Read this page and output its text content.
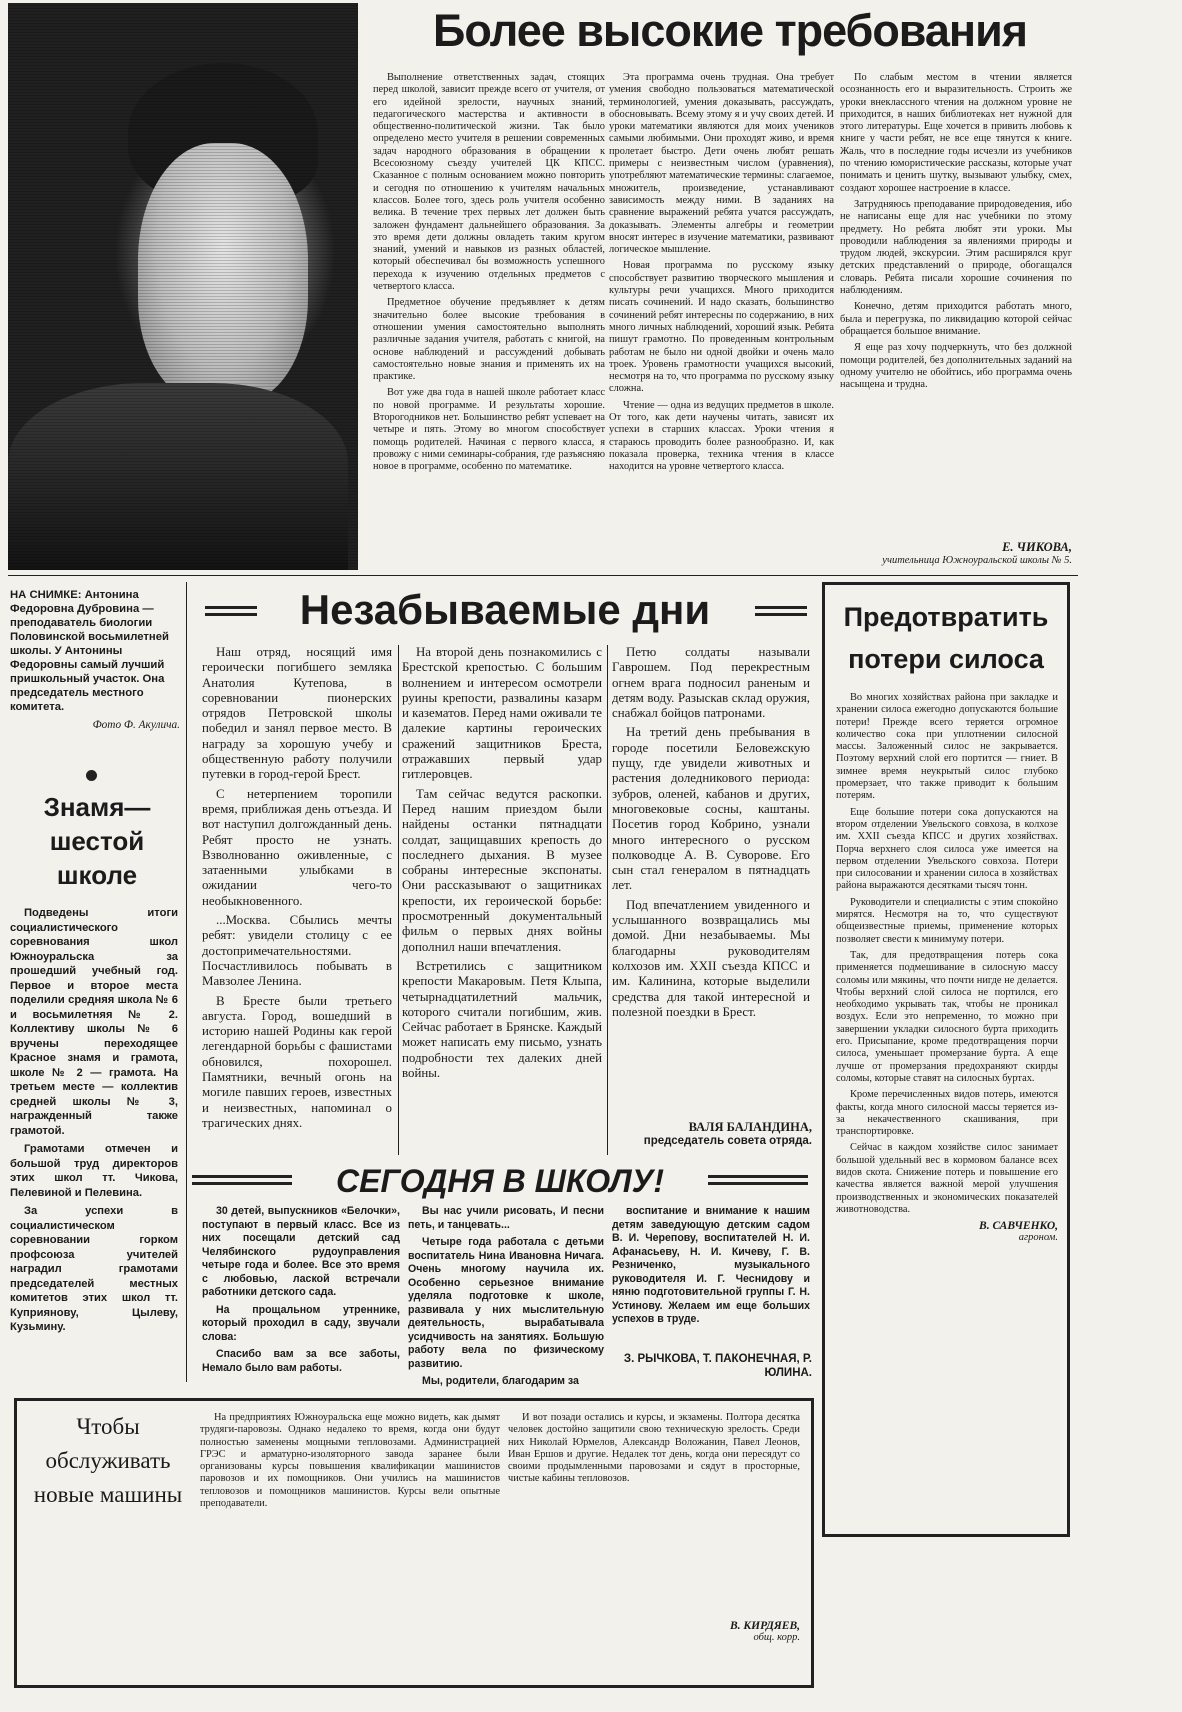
Более высокие требования

Выполнение ответственных задач, стоящих перед школой, зависит прежде всего от учителя, от его идейной зрелости, научных знаний, педагогического мастерства и активности в общественно-политической жизни. Так было определено место учителя в решении современных задач народного образования в обращении к Всесоюзному съезду учителей ЦК КПСС. Сказанное с полным основанием можно повторить и сегодня по отношению к учителям начальных классов. Более того, здесь роль учителя особенно велика. В течение трех первых лет должен быть заложен фундамент дальнейшего образования. За это время дети должны овладеть таким кругом знаний, умений и навыков из разных областей, который обеспечивал бы возможность успешного перехода к изучению отдельных предметов с четвертого класса.

Предметное обучение предъявляет к детям значительно более высокие требования в отношении умения самостоятельно выполнять различные задания учителя, работать с книгой, на основе наблюдений и рассуждений добывать самостоятельно новые знания и применять их на практике.

Вот уже два года в нашей школе работает класс по новой программе. И результаты хорошие. Второгодников нет. Большинство ребят успевает на четыре и пять. Этому во многом способствует помощь родителей. Начиная с первого класса, я провожу с ними семинары-собрания, где разъясняю новое в программе, особенно по математике.

Эта программа очень трудная. Она требует умения свободно пользоваться математической терминологией, умения доказывать, рассуждать, обосновывать. Всему этому я и учу своих детей. И уроки математики являются для моих учеников самыми любимыми. Они проходят живо, и время пролетает быстро. Дети очень любят решать примеры с неизвестным числом (уравнения), употребляют математические термины: слагаемое, множитель, произведение, устанавливают зависимость между ними. В заданиях на сравнение выражений ребята учатся рассуждать, доказывать. Элементы алгебры и геометрии вносят интерес в изучение математики, развивают логическое мышление.

Новая программа по русскому языку способствует развитию творческого мышления и культуры речи учащихся. Много приходится писать сочинений. И надо сказать, большинство сочинений ребят интересны по содержанию, в них много личных наблюдений, хороший язык. Ребята пишут грамотно. По проведенным контрольным работам не было ни одной двойки и очень мало троек. Уровень грамотности учащихся высокий, несмотря на то, что программа по русскому языку сложна.

Чтение — одна из ведущих предметов в школе. От того, как дети научены читать, зависят их успехи в старших классах. Уроки чтения я стараюсь проводить более разнообразно. И, как показала проверка, техника чтения в классе находится на уровне четвертого класса.

По слабым местом в чтении является осознанность его и выразительность. Строить же уроки внеклассного чтения на должном уровне не приходится, в наших библиотеках нет нужной для этого литературы. Еще хочется в привить любовь к книге у части ребят, не все еще тянутся к книге. Жаль, что в последние годы исчезли из учебников по чтению юмористические рассказы, которые учат понимать и ценить шутку, вызывают улыбку, смех, создают хорошее настроение в классе.

Затрудняюсь преподавание природоведения, ибо не написаны еще для нас учебники по этому предмету. Но ребята любят эти уроки. Мы проводили наблюдения за явлениями природы и трудом людей, экскурсии. Этим расширялся круг детских представлений о природе, обогащался словарь. Ребята писали хорошие сочинения по наблюдениям.

Конечно, детям приходится работать много, была и перегрузка, по ликвидацию которой сейчас обращается большое внимание.

Я еще раз хочу подчеркнуть, что без должной помощи родителей, без дополнительных заданий на одному учителю не обойтись, ибо программа очень насыщена и трудна.

Е. ЧИКОВА,
учительница Южноуральской школы № 5.
НА СНИМКЕ: Антонина Федоровна Дубровина — преподаватель биологии Половинской восьмилетней школы. У Антонины Федоровны самый лучший пришкольный участок. Она председатель местного комитета.
Фото Ф. Акулича.
Знамя— шестой школе

Подведены итоги социалистического соревнования школ Южноуральска за прошедший учебный год. Первое и второе места поделили средняя школа № 6 и восьмилетняя № 2. Коллективу школы № 6 вручены переходящее Красное знамя и грамота, школе № 2 — грамота. На третьем месте — коллектив средней школы № 3, награжденный также грамотой.

Грамотами отмечен и большой труд директоров этих школ тт. Чикова, Пелевиной и Пелевина.

За успехи в социалистическом соревновании горком профсоюза учителей наградил грамотами председателей местных комитетов этих школ тт. Куприянову, Цылеву, Кузьмину.

Незабываемые дни

Наш отряд, носящий имя героически погибшего земляка Анатолия Кутепова, в соревновании пионерских отрядов Петровской школы победил и занял первое место. В награду за хорошую учебу и общественную работу получили путевки в город-герой Брест.

С нетерпением торопили время, приближая день отъезда. И вот наступил долгожданный день. Ребят просто не узнать. Взволнованно оживленные, с затаенными улыбками в ожидании чего-то необыкновенного.

...Москва. Сбылись мечты ребят: увидели столицу с ее достопримечательностями. Посчастливилось побывать в Мавзолее Ленина.

В Бресте были третьего августа. Город, вошедший в историю нашей Родины как герой легендарной борьбы с фашистами обновился, похорошел. Памятники, вечный огонь на могиле павших героев, известных и неизвестных, напоминал о трагических днях.

На второй день познакомились с Брестской крепостью. С большим волнением и интересом осмотрели руины крепости, развалины казарм и казематов. Перед нами оживали те далекие картины героических сражений защитников Бреста, отражавших первый удар гитлеровцев.

Там сейчас ведутся раскопки. Перед нашим приездом были найдены останки пятнадцати солдат, защищавших крепость до последнего дыхания. В музее собраны интересные экспонаты. Они рассказывают о защитниках крепости, их героической борьбе: просмотренный документальный фильм о первых днях войны дополнил наши впечатления.

Встретились с защитником крепости Макаровым. Петя Клыпа, четырнадцатилетний мальчик, которого считали погибшим, жив. Сейчас работает в Брянске. Каждый может написать ему письмо, узнать подробности тех далеких дней войны.

Петю солдаты называли Гаврошем. Под перекрестным огнем врага подносил раненым и детям воду. Разыскав склад оружия, снабжал бойцов патронами.

На третий день пребывания в городе посетили Беловежскую пущу, где увидели животных и растения доледникового периода: зубров, оленей, кабанов и других, многовековые сосны, каштаны. Посетив город Кобрино, узнали много интересного о русском полководце А. В. Суворове. Его сын стал генералом в пятнадцать лет.

Под впечатлением увиденного и услышанного возвращались мы домой. Дни незабываемы. Мы благодарны руководителям колхозов им. XXII съезда КПСС и им. Калинина, которые выделили средства для такой интересной и полезной поездки в Брест.

ВАЛЯ БАЛАНДИНА,
председатель совета отряда.
СЕГОДНЯ В ШКОЛУ!

30 детей, выпускников «Белочки», поступают в первый класс. Все из них посещали детский сад Челябинского рудоуправления четыре года и более. Все это время с любовью, лаской встречали работники детского сада.

На прощальном утреннике, который проходил в саду, звучали слова:

Спасибо вам за все заботы, Немало было вам работы.

Вы нас учили рисовать, И песни петь, и танцевать...

Четыре года работала с детьми воспитатель Нина Ивановна Ничага. Очень многому научила их. Особенно серьезное внимание уделяла подготовке к школе, развивала у них мыслительную деятельность, вырабатывала усидчивость на занятиях. Большую работу вела по физическому развитию.

Мы, родители, благодарим за

воспитание и внимание к нашим детям заведующую детским садом В. И. Черепову, воспитателей Н. И. Афанасьеву, Н. И. Кичеву, Г. В. Резниченко, музыкального руководителя И. Г. Чеснидову и няню подготовительной группы Г. Н. Устинову. Желаем им еще больших успехов в труде.

З. РЫЧКОВА, Т. ПАКОНЕЧНАЯ, Р. ЮЛИНА.
Предотвратить потери силоса

Во многих хозяйствах района при закладке и хранении силоса ежегодно допускаются большие потери! Прежде всего теряется огромное количество сока при уплотнении силосной массы. Заложенный силос не закрывается. Поэтому верхний слой его портится — гниет. В зимнее время неукрытый силос глубоко промерзает, что также приводит к большим потерям.

Еще большие потери сока допускаются на втором отделении Увельского совхоза, в колхозе им. XXII съезда КПСС и других хозяйствах. Порча верхнего слоя силоса уже имеется на первом отделении Увельского совхоза. Потери при силосовании и хранении силоса в хозяйствах района выражаются десятками тысяч тонн.

Руководители и специалисты с этим спокойно мирятся. Несмотря на то, что существуют общеизвестные приемы, применение которых позволяет свести к минимуму потери.

Так, для предотвращения потерь сока применяется подмешивание в силосную массу соломы или мякины, что почти нигде не делается. Чтобы верхний слой силоса не портился, его необходимо укрывать так, чтобы не проникал воздух. Если это непременно, то можно при завершении укладки силосного бурта приходить его. Присыпание, кроме предотвращения порчи силоса, уменьшает промерзание бурта. А еще лучше от промерзания предохраняют скирды соломы, которые ставят на силосных буртах.

Кроме перечисленных видов потерь, имеются факты, когда много силосной массы теряется из-за некачественного скашивания, при транспортировке.

Сейчас в каждом хозяйстве силос занимает большой удельный вес в кормовом балансе всех видов скота. Снижение потерь и повышение его качества является важной мерой улучшения производственных и экономических показателей животноводства.

В. САВЧЕНКО,
агроном.
Чтобы обслуживать новые машины

На предприятиях Южноуральска еще можно видеть, как дымят трудяги-паровозы. Однако недалеко то время, когда они будут полностью заменены мощными тепловозами. Администрацией ГРЭС и арматурно-изоляторного завода заранее были организованы курсы повышения квалификации машинистов паровозов и их помощников. Они учились на машинистов тепловозов и помощников машинистов. Курсы вели опытные преподаватели.

И вот позади остались и курсы, и экзамены. Полтора десятка человек достойно защитили свою техническую зрелость. Среди них Николай Юрмелов, Александр Воложанин, Павел Леонов, Иван Ершов и другие. Недалек тот день, когда они пересядут со своими продымленными паровозами и сядут в просторные, чистые кабины тепловозов.

В. КИРДЯЕВ,
общ. корр.
